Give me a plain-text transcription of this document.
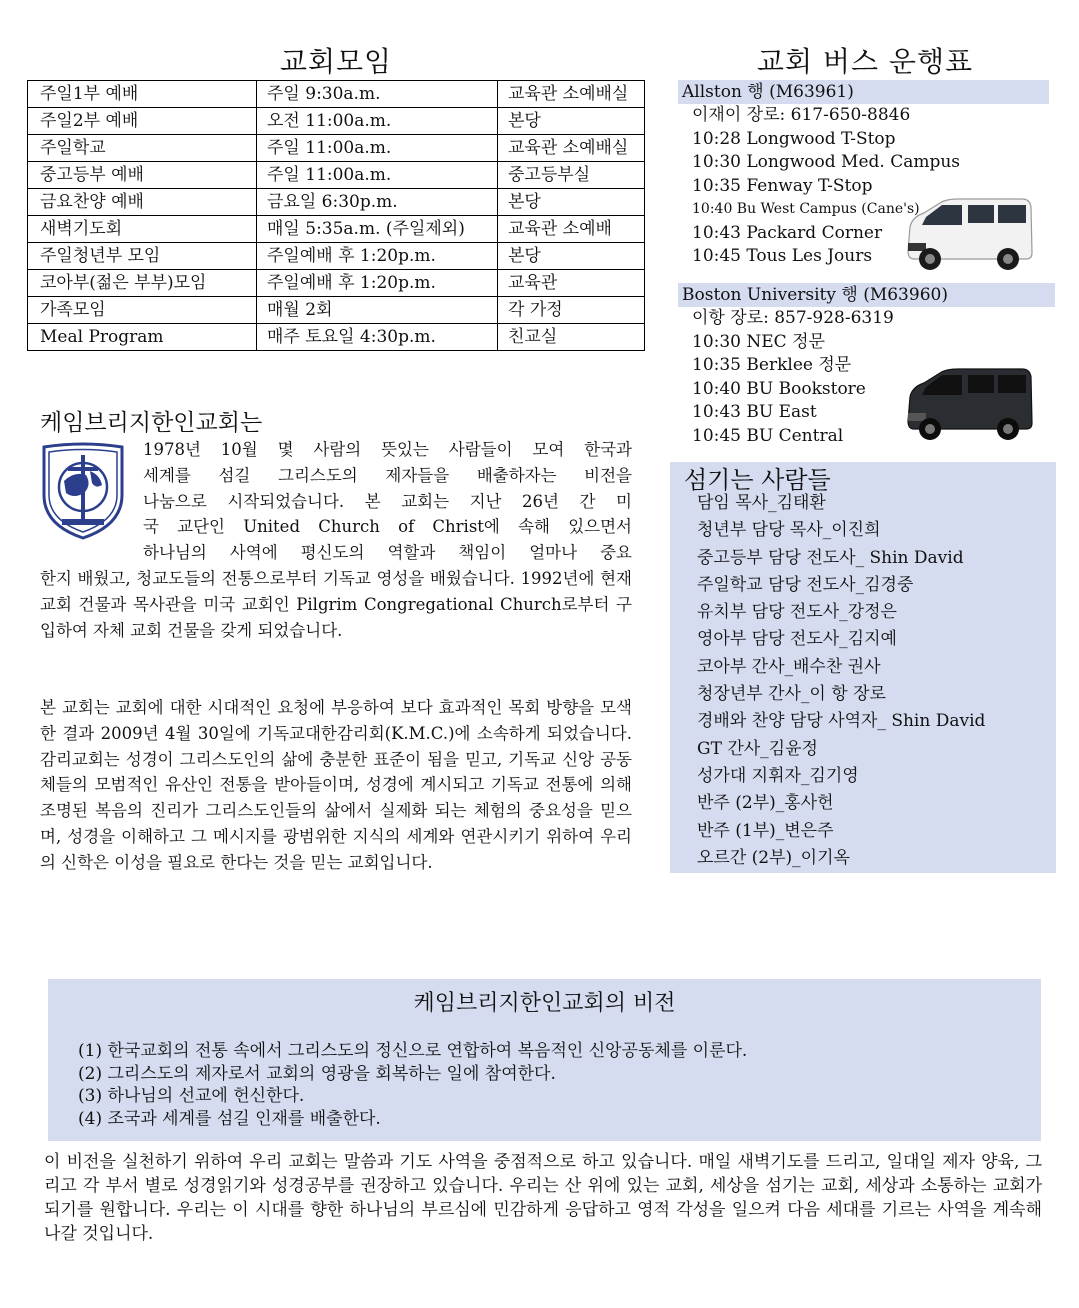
교회모임
주일1부 예배	주일 9:30a.m.	교육관 소예배실
주일2부 예배	오전 11:00a.m.	본당
주일학교	주일 11:00a.m.	교육관 소예배실
중고등부 예배	주일 11:00a.m.	중고등부실
금요찬양 예배	금요일 6:30p.m.	본당
새벽기도회	매일 5:35a.m. (주일제외)	교육관 소예배
주일청년부 모임	주일예배 후 1:20p.m.	본당
코아부(젊은 부부)모임	주일예배 후 1:20p.m.	교육관
가족모임	매월 2회	각 가정
Meal Program	매주 토요일 4:30p.m.	친교실
교회 버스 운행표
Allston 행 (M63961)
이재이 장로: 617-650-8846
10:28 Longwood T-Stop
10:30 Longwood Med. Campus
10:35 Fenway T-Stop
10:40 Bu West Campus (Cane's)
10:43 Packard Corner
10:45 Tous Les Jours
Boston University 행 (M63960)
이항 장로: 857-928-6319
10:30 NEC 정문
10:35 Berklee 정문
10:40 BU Bookstore
10:43 BU East
10:45 BU Central
케임브리지한인교회는

1978년 10월 몇 사람의 뜻있는 사람들이 모여 한국과

세계를 섬길 그리스도의 제자들을 배출하자는 비전을

나눔으로 시작되었습니다. 본 교회는 지난 26년 간 미

국 교단인 United Church of Christ에 속해 있으면서

하나님의 사역에 평신도의 역할과 책임이 얼마나 중요

한지 배웠고, 청교도들의 전통으로부터 기독교 영성을 배웠습니다. 1992년에 현재 교회 건물과 목사관을 미국 교회인 Pilgrim Congregational Church로부터 구입하여 자체 교회 건물을 갖게 되었습니다.
본 교회는 교회에 대한 시대적인 요청에 부응하여 보다 효과적인 목회 방향을 모색한 결과 2009년 4월 30일에 기독교대한감리회(K.M.C.)에 소속하게 되었습니다. 감리교회는 성경이 그리스도인의 삶에 충분한 표준이 됨을 믿고, 기독교 신앙 공동체들의 모범적인 유산인 전통을 받아들이며, 성경에 계시되고 기독교 전통에 의해 조명된 복음의 진리가 그리스도인들의 삶에서 실제화 되는 체험의 중요성을 믿으며, 성경을 이해하고 그 메시지를 광범위한 지식의 세계와 연관시키기 위하여 우리의 신학은 이성을 필요로 한다는 것을 믿는 교회입니다.
섬기는 사람들
담임 목사_김태환
청년부 담당 목사_이진희
중고등부 담당 전도사_ Shin David
주일학교 담당 전도사_김경중
유치부 담당 전도사_강정은
영아부 담당 전도사_김지예
코아부 간사_배수찬 권사
청장년부 간사_이 항 장로
경배와 찬양 담당 사역자_ Shin David
GT 간사_김윤정
성가대 지휘자_김기영
반주 (2부)_홍사헌
반주 (1부)_변은주
오르간 (2부)_이기옥
케임브리지한인교회의 비전
(1) 한국교회의 전통 속에서 그리스도의 정신으로 연합하여 복음적인 신앙공동체를 이룬다.
(2) 그리스도의 제자로서 교회의 영광을 회복하는 일에 참여한다.
(3) 하나님의 선교에 헌신한다.
(4) 조국과 세계를 섬길 인재를 배출한다.
이 비전을 실천하기 위하여 우리 교회는 말씀과 기도 사역을 중점적으로 하고 있습니다. 매일 새벽기도를 드리고, 일대일 제자 양육, 그리고 각 부서 별로 성경읽기와 성경공부를 권장하고 있습니다. 우리는 산 위에 있는 교회, 세상을 섬기는 교회, 세상과 소통하는 교회가 되기를 원합니다. 우리는 이 시대를 향한 하나님의 부르심에 민감하게 응답하고 영적 각성을 일으켜 다음 세대를 기르는 사역을 계속해 나갈 것입니다.
